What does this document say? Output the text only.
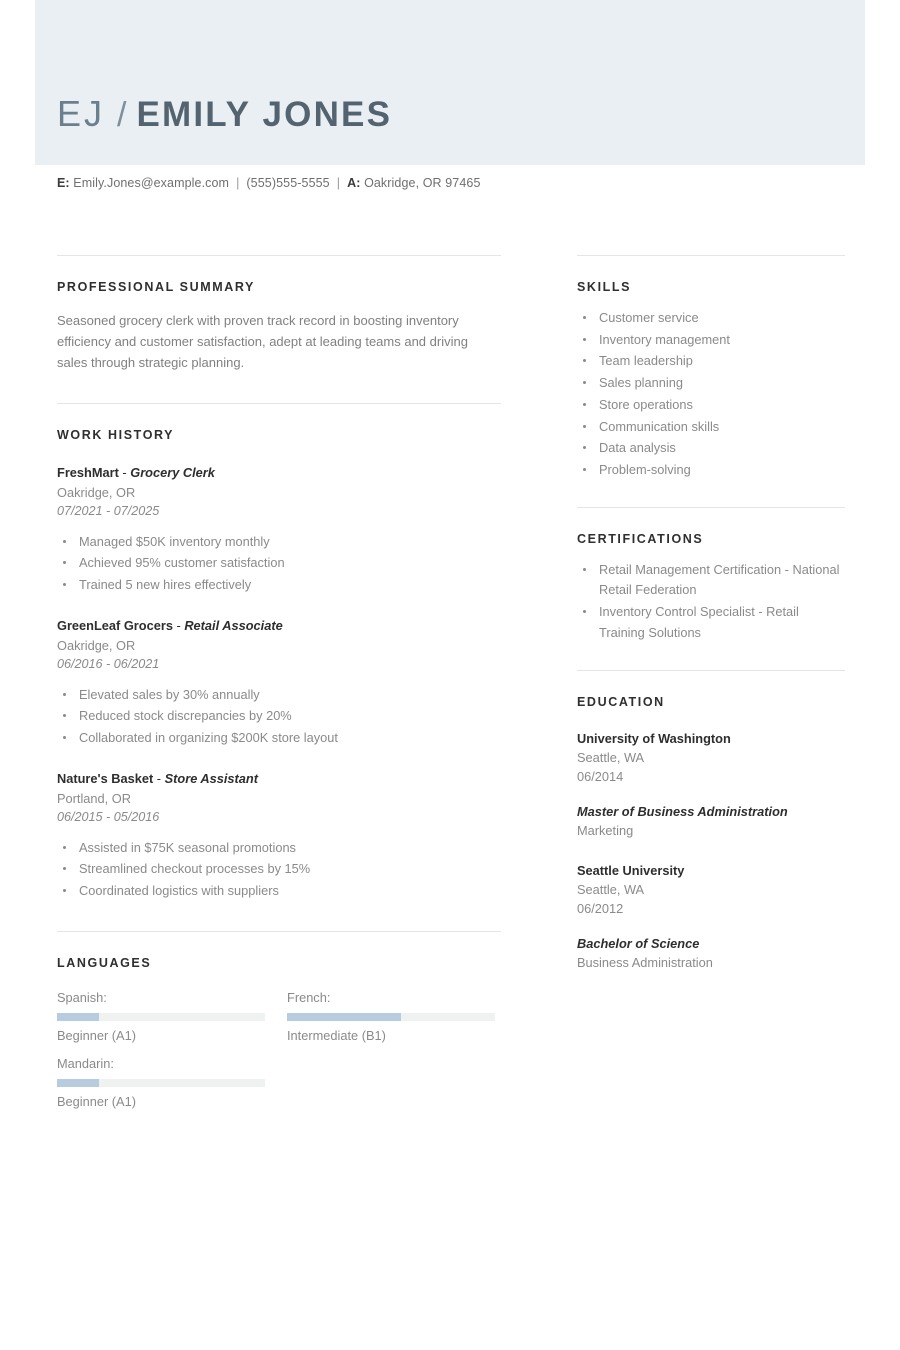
EJ / EMILY JONES
E: Emily.Jones@example.com | (555)555-5555 | A: Oakridge, OR 97465
PROFESSIONAL SUMMARY
Seasoned grocery clerk with proven track record in boosting inventory efficiency and customer satisfaction, adept at leading teams and driving sales through strategic planning.
WORK HISTORY
FreshMart - Grocery Clerk
Oakridge, OR
07/2021 - 07/2025
Managed $50K inventory monthly
Achieved 95% customer satisfaction
Trained 5 new hires effectively
GreenLeaf Grocers - Retail Associate
Oakridge, OR
06/2016 - 06/2021
Elevated sales by 30% annually
Reduced stock discrepancies by 20%
Collaborated in organizing $200K store layout
Nature's Basket - Store Assistant
Portland, OR
06/2015 - 05/2016
Assisted in $75K seasonal promotions
Streamlined checkout processes by 15%
Coordinated logistics with suppliers
LANGUAGES
Spanish:
Beginner (A1)
French:
Intermediate (B1)
Mandarin:
Beginner (A1)
SKILLS
Customer service
Inventory management
Team leadership
Sales planning
Store operations
Communication skills
Data analysis
Problem-solving
CERTIFICATIONS
Retail Management Certification - National Retail Federation
Inventory Control Specialist - Retail Training Solutions
EDUCATION
University of Washington
Seattle, WA
06/2014
Master of Business Administration
Marketing
Seattle University
Seattle, WA
06/2012
Bachelor of Science
Business Administration
